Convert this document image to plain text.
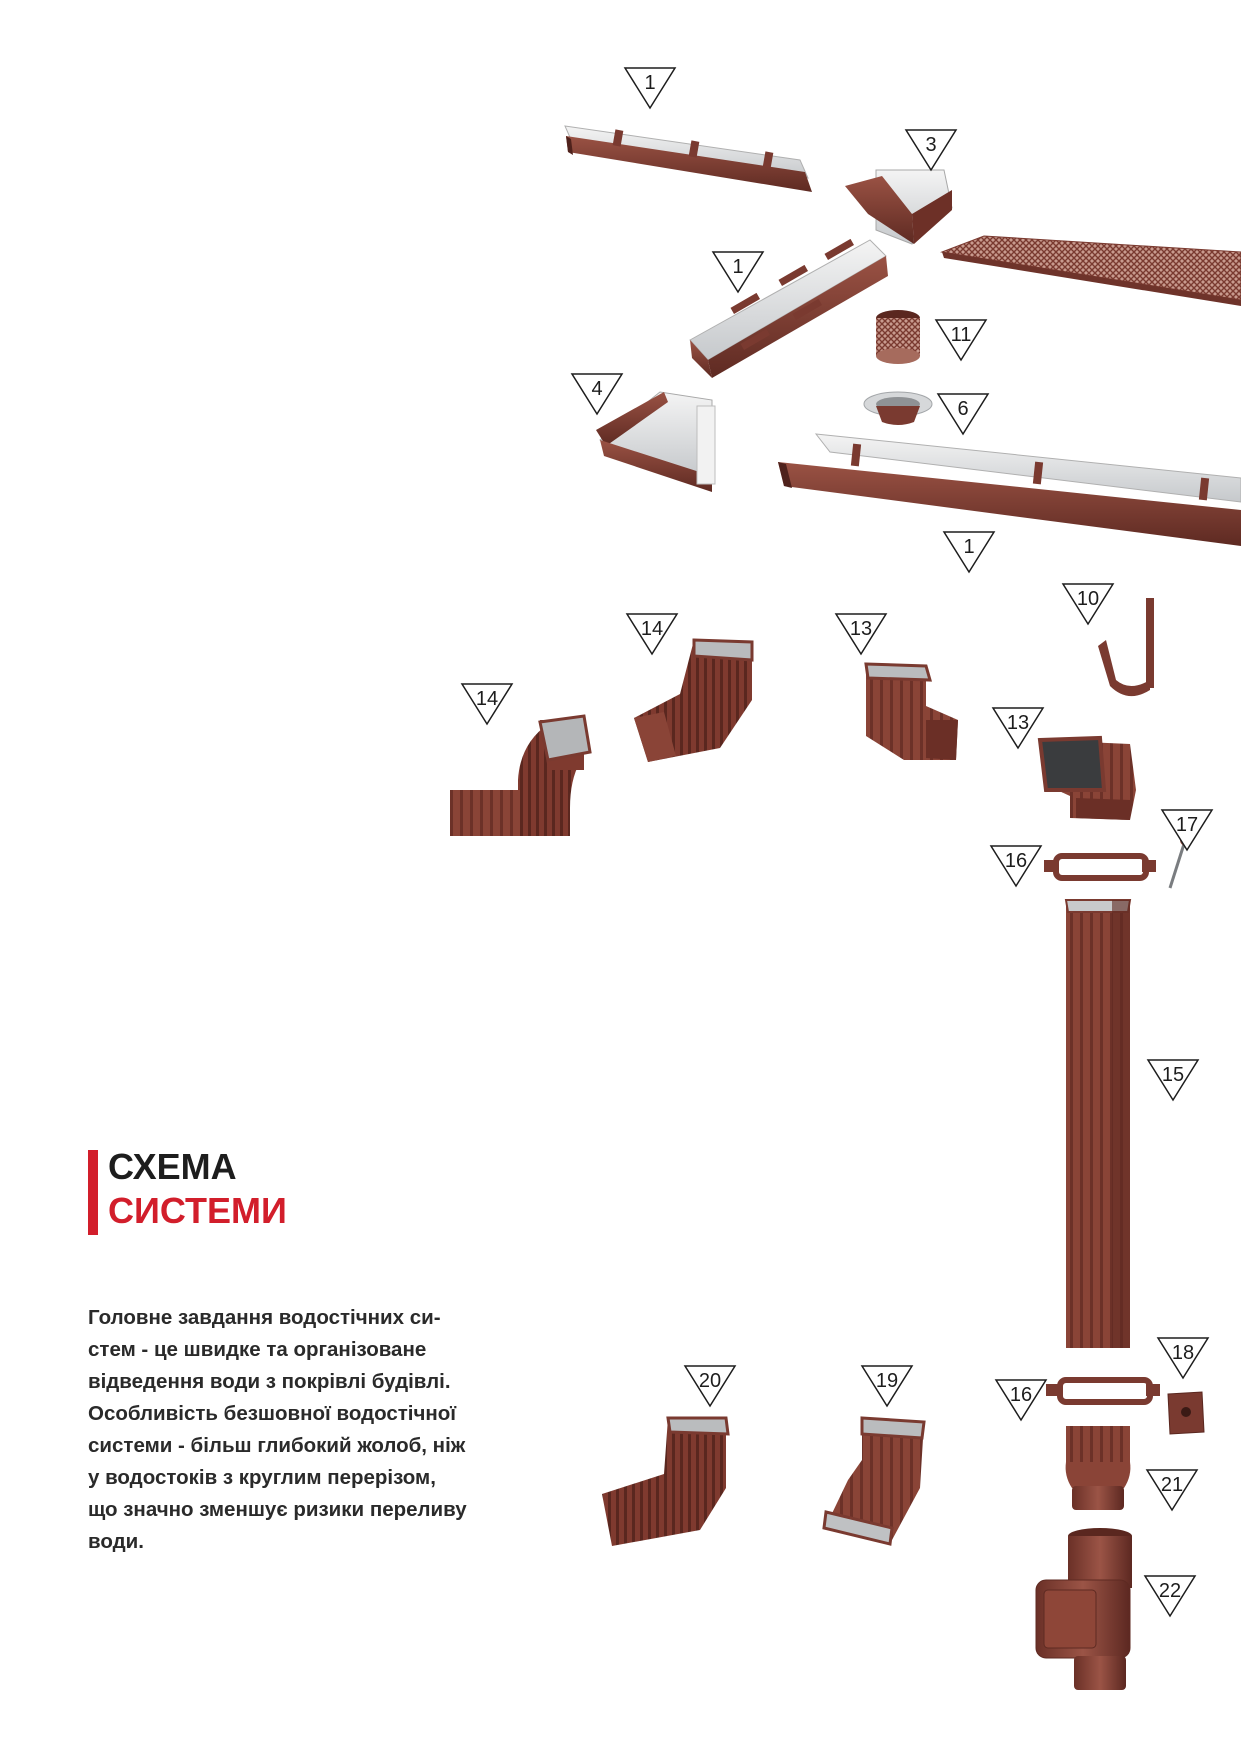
СХЕМА
СИСТЕМИ
Головне завдання водостічних си-
стем - це швидке та організоване
відведення води з покрівлі будівлі.
Особливість безшовної водостічної
системи - більш глибокий жолоб, ніж
у водостоків з круглим перерізом,
що значно зменшує ризики переливу
води.
1
3
1
11
4
6
1
10
14	13
14
13
17
16
15
20	19
16
18
21
22
